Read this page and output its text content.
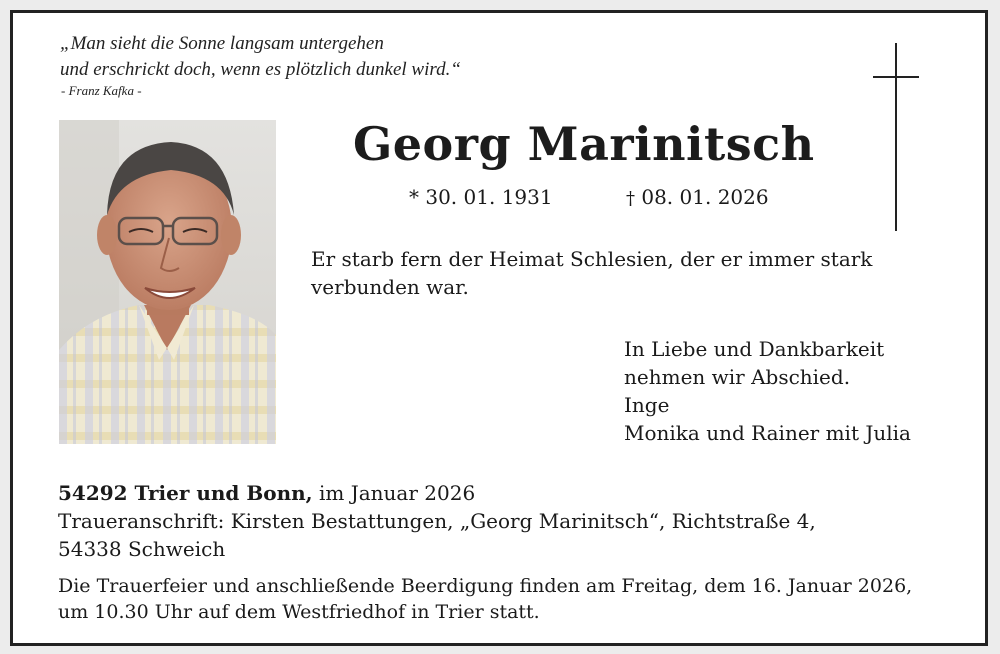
„Man sieht die Sonne langsam untergehen
und erschrickt doch, wenn es plötzlich dunkel wird.“
- Franz Kafka -
Georg Marinitsch
* 30. 01. 1931	† 08. 01. 2026
Er starb fern der Heimat Schlesien, der er immer stark verbunden war.
In Liebe und Dankbarkeit
nehmen wir Abschied.
Inge
Monika und Rainer mit Julia
54292 Trier und Bonn, im Januar 2026
Traueranschrift: Kirsten Bestattungen, „Georg Marinitsch“, Richtstraße 4,
54338 Schweich
Die Trauerfeier und anschließende Beerdigung finden am Freitag, dem 16. Januar 2026,
um 10.30 Uhr auf dem Westfriedhof in Trier statt.
